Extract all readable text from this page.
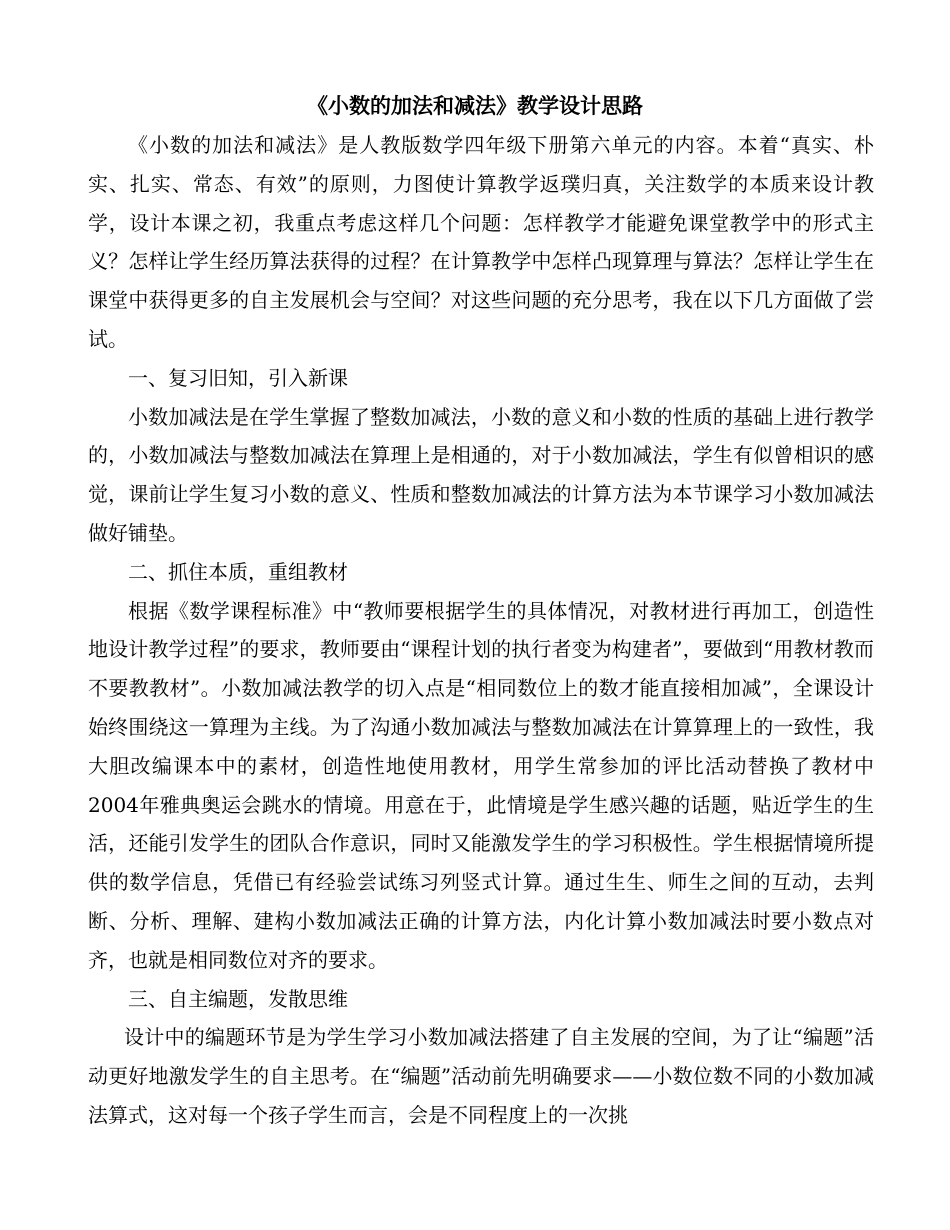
《小数的加法和减法》教学设计思路

《小数的加法和减法》是人教版数学四年级下册第六单元的内容。本着“真实、朴实、扎实、常态、有效”的原则，力图使计算教学返璞归真，关注数学的本质来设计教学，设计本课之初，我重点考虑这样几个问题：怎样教学才能避免课堂教学中的形式主义？怎样让学生经历算法获得的过程？在计算教学中怎样凸现算理与算法？怎样让学生在课堂中获得更多的自主发展机会与空间？对这些问题的充分思考，我在以下几方面做了尝试。

一、复习旧知，引入新课

小数加减法是在学生掌握了整数加减法，小数的意义和小数的性质的基础上进行教学的，小数加减法与整数加减法在算理上是相通的，对于小数加减法，学生有似曾相识的感觉，课前让学生复习小数的意义、性质和整数加减法的计算方法为本节课学习小数加减法做好铺垫。

二、抓住本质，重组教材

根据《数学课程标准》中“教师要根据学生的具体情况，对教材进行再加工，创造性地设计教学过程”的要求，教师要由“课程计划的执行者变为构建者”，要做到“用教材教而不要教教材”。小数加减法教学的切入点是“相同数位上的数才能直接相加减”，全课设计始终围绕这一算理为主线。为了沟通小数加减法与整数加减法在计算算理上的一致性，我大胆改编课本中的素材，创造性地使用教材，用学生常参加的评比活动替换了教材中2004年雅典奥运会跳水的情境。用意在于，此情境是学生感兴趣的话题，贴近学生的生活，还能引发学生的团队合作意识，同时又能激发学生的学习积极性。学生根据情境所提供的数学信息，凭借已有经验尝试练习列竖式计算。通过生生、师生之间的互动，去判断、分析、理解、建构小数加减法正确的计算方法，内化计算小数加减法时要小数点对齐，也就是相同数位对齐的要求。

三、自主编题，发散思维

设计中的编题环节是为学生学习小数加减法搭建了自主发展的空间，为了让“编题”活动更好地激发学生的自主思考。在“编题”活动前先明确要求——小数位数不同的小数加减法算式，这对每一个孩子学生而言，会是不同程度上的一次挑
